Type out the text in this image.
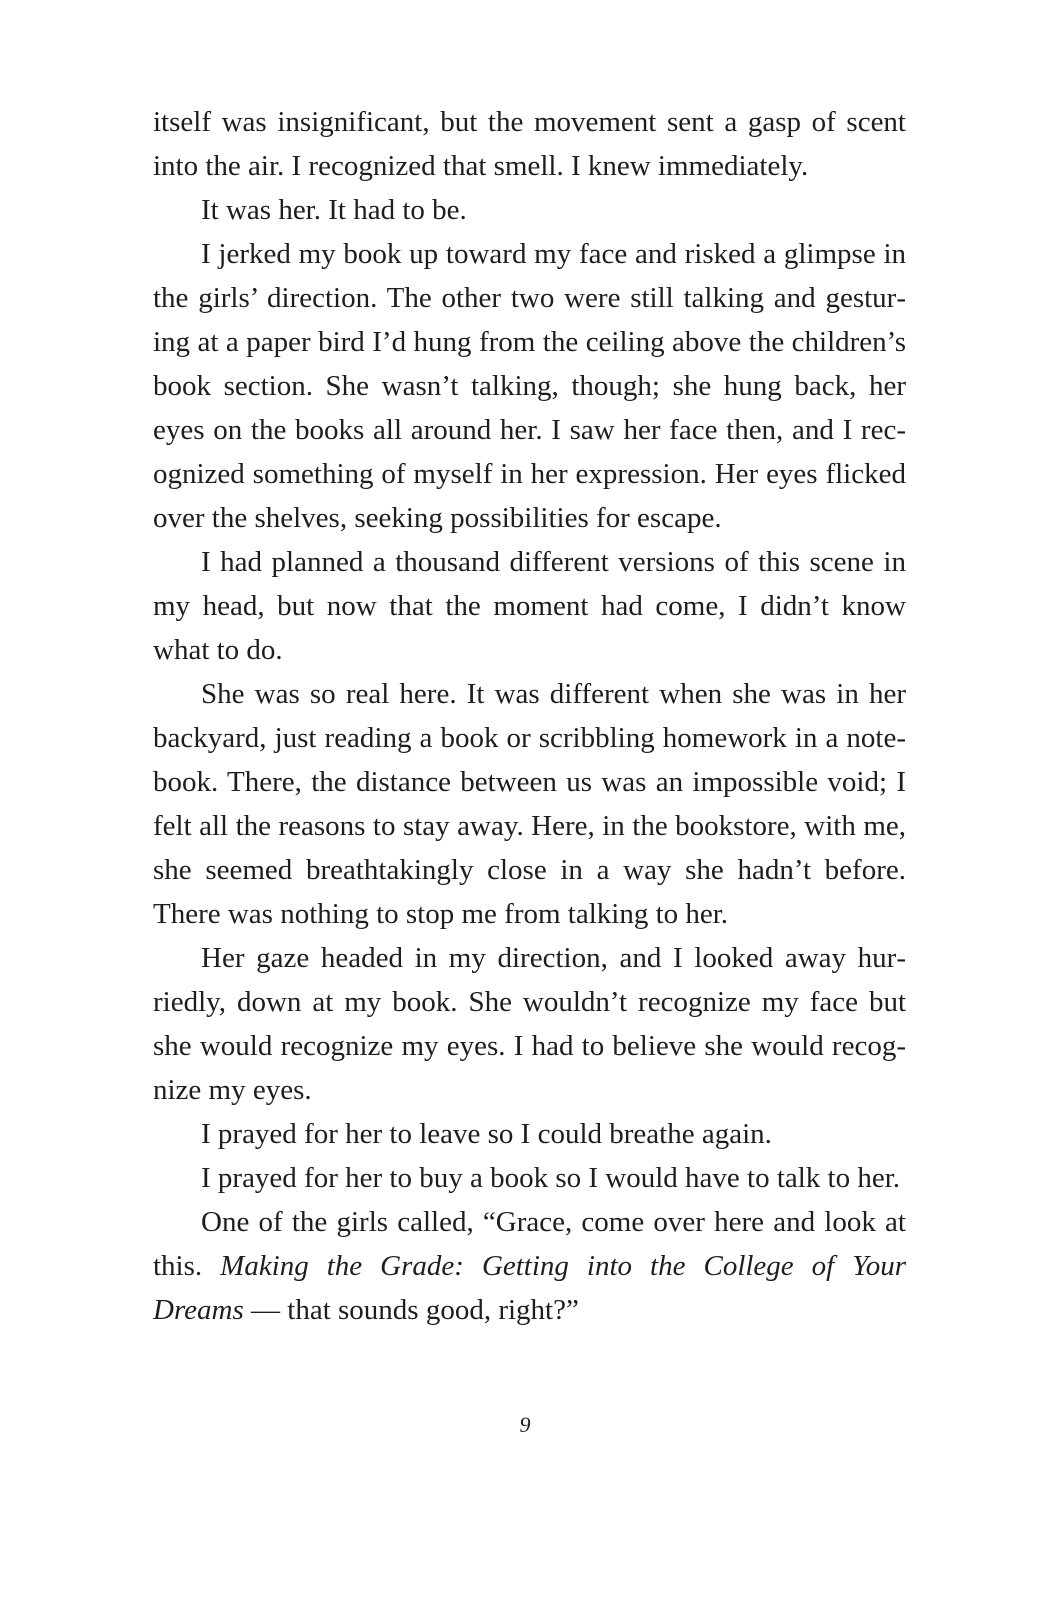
itself was insignificant, but the movement sent a gasp of scent into the air. I recognized that smell. I knew immediately.

It was her. It had to be.

I jerked my book up toward my face and risked a glimpse in the girls’ direction. The other two were still talking and gesturing at a paper bird I’d hung from the ceiling above the children’s book section. She wasn’t talking, though; she hung back, her eyes on the books all around her. I saw her face then, and I recognized something of myself in her expression. Her eyes flicked over the shelves, seeking possibilities for escape.

I had planned a thousand different versions of this scene in my head, but now that the moment had come, I didn’t know what to do.

She was so real here. It was different when she was in her backyard, just reading a book or scribbling homework in a notebook. There, the distance between us was an impossible void; I felt all the reasons to stay away. Here, in the bookstore, with me, she seemed breathtakingly close in a way she hadn’t before. There was nothing to stop me from talking to her.

Her gaze headed in my direction, and I looked away hurriedly, down at my book. She wouldn’t recognize my face but she would recognize my eyes. I had to believe she would recognize my eyes.

I prayed for her to leave so I could breathe again.

I prayed for her to buy a book so I would have to talk to her.

One of the girls called, “Grace, come over here and look at this. Making the Grade: Getting into the College of Your Dreams — that sounds good, right?”

9
